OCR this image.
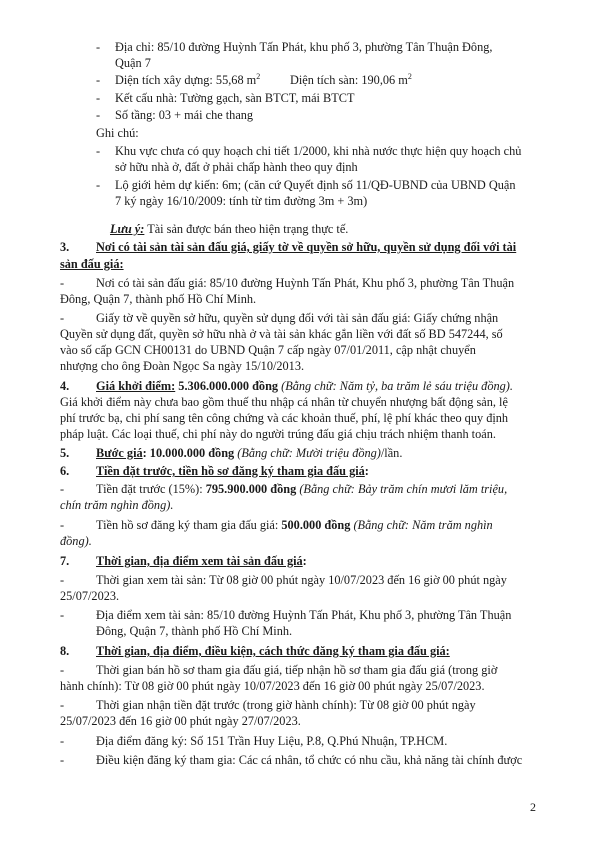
- Địa chỉ: 85/10 đường Huỳnh Tấn Phát, khu phố 3, phường Tân Thuận Đông,
Quận 7
- Diện tích xây dựng: 55,68 $m^2$ Diện tích sàn: 190,06 $m^2$
- Kết cấu nhà: Tường gạch, sàn BTCT, mái BTCT
- Số tầng: 03 + mái che thang
Ghi chú:
- Khu vực chưa có quy hoạch chi tiết 1/2000, khi nhà nước thực hiện quy hoạch chủ
sở hữu nhà ở, đất ở phải chấp hành theo quy định
- Lộ giới hẻm dự kiến: 6m; (căn cứ Quyết định số 11/QĐ-UBND của UBND Quận
7 ký ngày 16/10/2009: tính từ tim đường 3m + 3m)
Lưu ý: Tài sản được bán theo hiện trạng thực tế.
3. Nơi có tài sản tài sản đấu giá, giấy tờ về quyền sở hữu, quyền sử dụng đối với tài
sản đấu giá:
-	Nơi có tài sản đấu giá: 85/10 đường Huỳnh Tấn Phát, Khu phố 3, phường Tân Thuận
Đông, Quận 7, thành phố Hồ Chí Minh.
-	Giấy tờ về quyền sở hữu, quyền sử dụng đối với tài sản đấu giá: Giấy chứng nhận
Quyền sử dụng đất, quyền sở hữu nhà ở và tài sản khác gắn liền với đất số BD 547244, số
vào số cấp GCN CH00131 do UBND Quận 7 cấp ngày 07/01/2011, cập nhật chuyển
nhượng cho ông Đoàn Ngọc Sa ngày 15/10/2013.
4. Giá khởi điểm: 5.306.000.000 đồng (Bằng chữ: Năm tỷ, ba trăm lẻ sáu triệu đồng).
Giá khởi điểm này chưa bao gồm thuế thu nhập cá nhân từ chuyển nhượng bất động sản, lệ
phí trước bạ, chi phí sang tên công chứng và các khoản thuế, phí, lệ phí khác theo quy định
pháp luật. Các loại thuế, chi phí này do người trúng đấu giá chịu trách nhiệm thanh toán.
5. Bước giá: 10.000.000 đồng (Bằng chữ: Mười triệu đồng)/lần.
6. Tiền đặt trước, tiền hồ sơ đăng ký tham gia đấu giá:
-	Tiền đặt trước (15%): 795.900.000 đồng (Bằng chữ: Bảy trăm chín mươi lăm triệu,
chín trăm nghìn đồng).
-	Tiền hồ sơ đăng ký tham gia đấu giá: 500.000 đồng (Bằng chữ: Năm trăm nghìn
đồng).
7. Thời gian, địa điểm xem tài sản đấu giá:
-	Thời gian xem tài sản: Từ 08 giờ 00 phút ngày 10/07/2023 đến 16 giờ 00 phút ngày
25/07/2023.
-	Địa điểm xem tài sản: 85/10 đường Huỳnh Tấn Phát, Khu phố 3, phường Tân Thuận
Đông, Quận 7, thành phố Hồ Chí Minh.
8. Thời gian, địa điểm, điều kiện, cách thức đăng ký tham gia đấu giá:
-	Thời gian bán hồ sơ tham gia đấu giá, tiếp nhận hồ sơ tham gia đấu giá (trong giờ
hành chính): Từ 08 giờ 00 phút ngày 10/07/2023 đến 16 giờ 00 phút ngày 25/07/2023.
-	Thời gian nhận tiền đặt trước (trong giờ hành chính): Từ 08 giờ 00 phút ngày
25/07/2023 đến 16 giờ 00 phút ngày 27/07/2023.
-	Địa điểm đăng ký: Số 151 Trần Huy Liệu, P.8, Q.Phú Nhuận, TP.HCM.
-	Điều kiện đăng ký tham gia: Các cá nhân, tổ chức có nhu cầu, khả năng tài chính được
2
